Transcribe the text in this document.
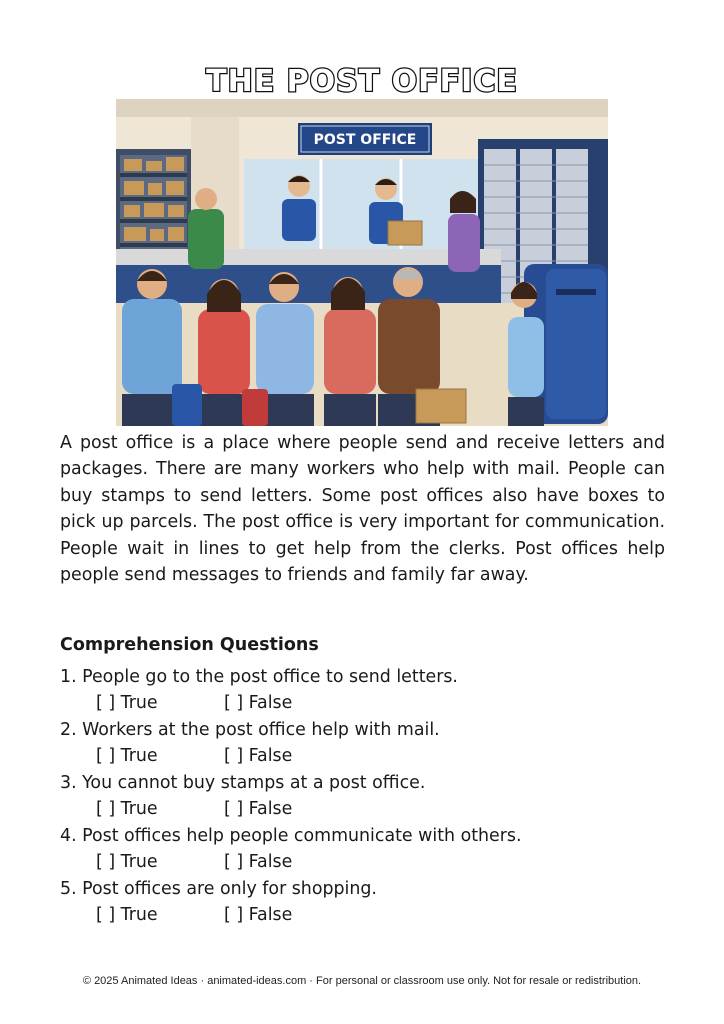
THE POST OFFICE
POST OFFICE

A post office is a place where people send and receive letters and packages. There are many workers who help with mail. People can buy stamps to send letters. Some post offices also have boxes to pick up parcels. The post office is very important for communication. People wait in lines to get help from the clerks. Post offices help people send messages to friends and family far away.

Comprehension Questions
1. People go to the post office to send letters.
[ ] True	[ ] False
2. Workers at the post office help with mail.
[ ] True	[ ] False
3. You cannot buy stamps at a post office.
[ ] True	[ ] False
4. Post offices help people communicate with others.
[ ] True	[ ] False
5. Post offices are only for shopping.
[ ] True	[ ] False
© 2025 Animated Ideas · animated-ideas.com · For personal or classroom use only. Not for resale or redistribution.
